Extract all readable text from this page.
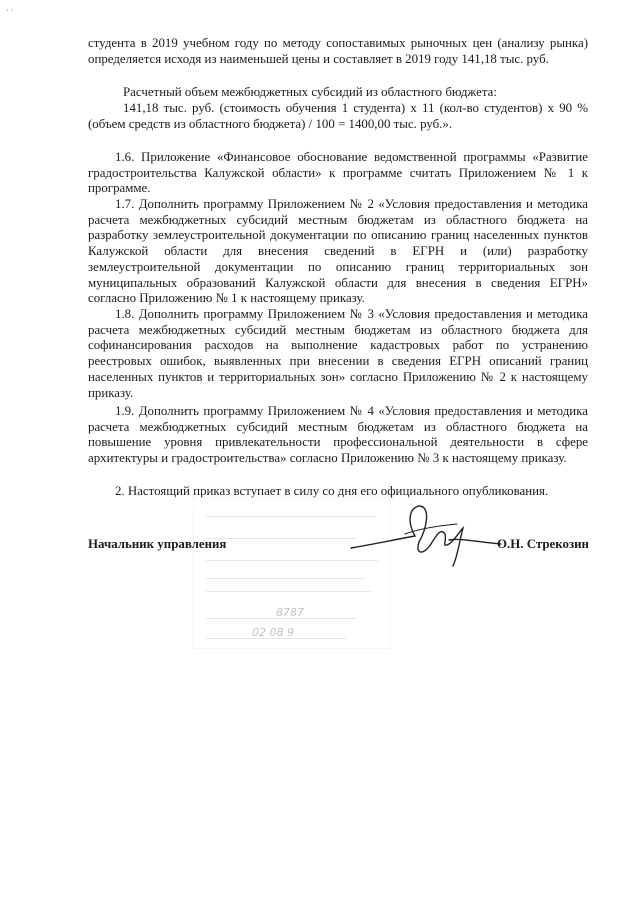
· ·

студента в 2019 учебном году по методу сопоставимых рыночных цен (анализу рынка) определяется исходя из наименьшей цены и составляет в 2019 году 141,18 тыс. руб.

Расчетный объем межбюджетных субсидий из областного бюджета:

141,18 тыс. руб. (стоимость обучения 1 студента) х 11 (кол-во студентов) х 90 % (объем средств из областного бюджета) / 100 = 1400,00 тыс. руб.».

1.6. Приложение «Финансовое обоснование ведомственной программы «Развитие градостроительства Калужской области» к программе считать Приложением № 1 к программе.

1.7. Дополнить программу Приложением № 2 «Условия предоставления и методика расчета межбюджетных субсидий местным бюджетам из областного бюджета на разработку землеустроительной документации по описанию границ населенных пунктов Калужской области для внесения сведений в ЕГРН и (или) разработку землеустроительной документации по описанию границ территориальных зон муниципальных образований Калужской области для внесения в сведения ЕГРН» согласно Приложению № 1 к настоящему приказу.

1.8. Дополнить программу Приложением № 3 «Условия предоставления и методика расчета межбюджетных субсидий местным бюджетам из областного бюджета для софинансирования расходов на выполнение кадастровых работ по устранению реестровых ошибок, выявленных при внесении в сведения ЕГРН описаний границ населенных пунктов и территориальных зон» согласно Приложению № 2 к настоящему приказу.

1.9. Дополнить программу Приложением № 4 «Условия предоставления и методика расчета межбюджетных субсидий местным бюджетам из областного бюджета на повышение уровня привлекательности профессиональной деятельности в сфере архитектуры и градостроительства» согласно Приложению № 3 к настоящему приказу.

2. Настоящий приказ вступает в силу со дня его официального опубликования.

8787
02 08 9

Начальник управления	О.Н. Стрекозин
